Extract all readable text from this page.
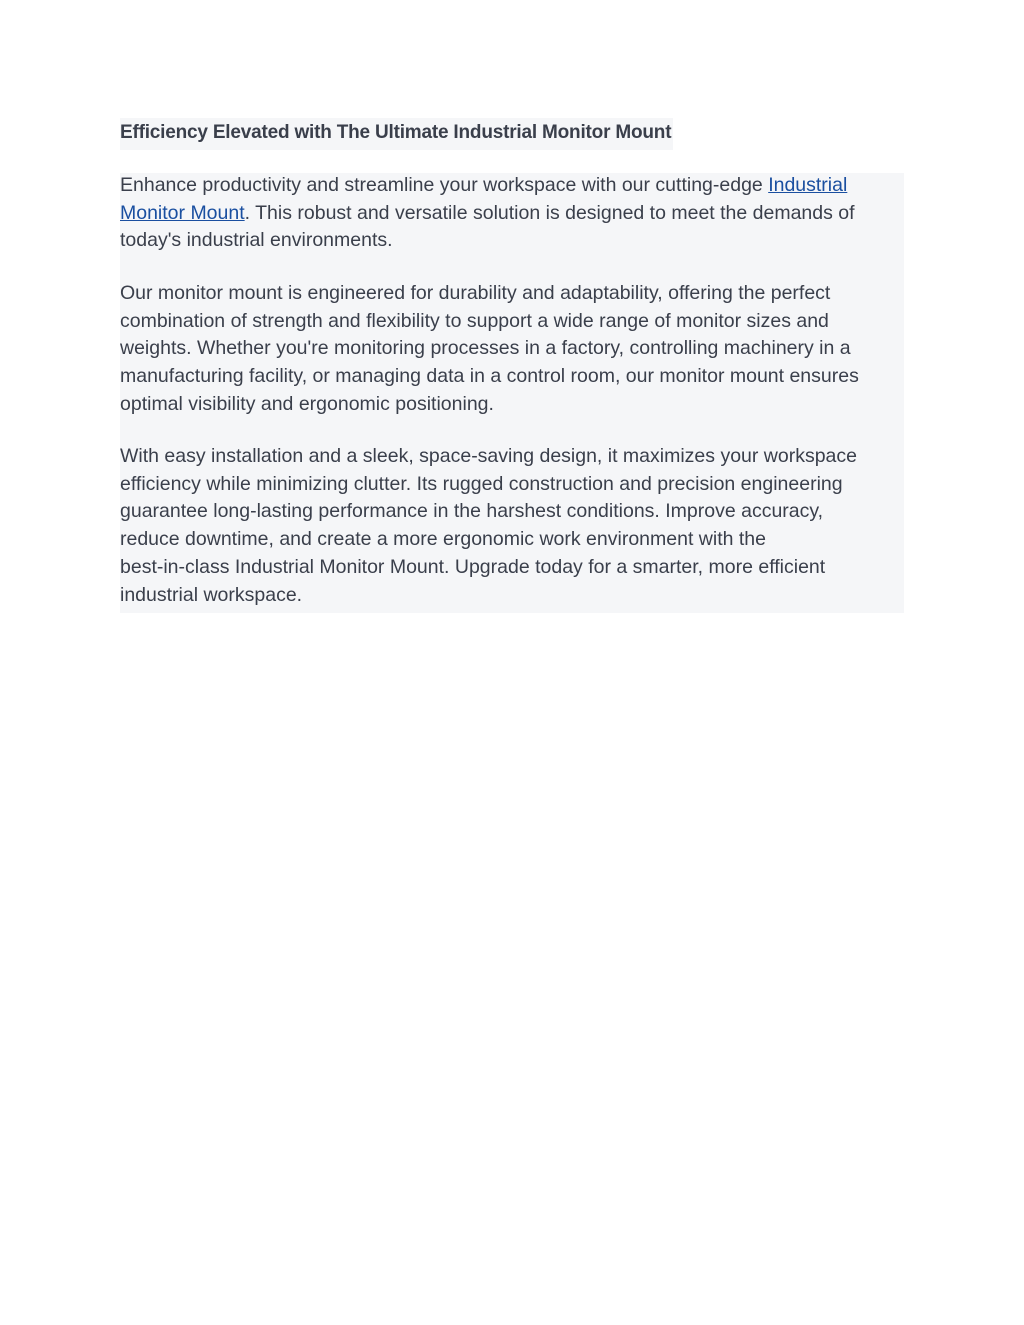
Efficiency Elevated with The Ultimate Industrial Monitor Mount

Enhance productivity and streamline your workspace with our cutting-edge Industrial
Monitor Mount. This robust and versatile solution is designed to meet the demands of
today's industrial environments.

Our monitor mount is engineered for durability and adaptability, offering the perfect
combination of strength and flexibility to support a wide range of monitor sizes and
weights. Whether you're monitoring processes in a factory, controlling machinery in a
manufacturing facility, or managing data in a control room, our monitor mount ensures
optimal visibility and ergonomic positioning.

With easy installation and a sleek, space-saving design, it maximizes your workspace
efficiency while minimizing clutter. Its rugged construction and precision engineering
guarantee long-lasting performance in the harshest conditions. Improve accuracy,
reduce downtime, and create a more ergonomic work environment with the
best-in-class Industrial Monitor Mount. Upgrade today for a smarter, more efficient
industrial workspace.
